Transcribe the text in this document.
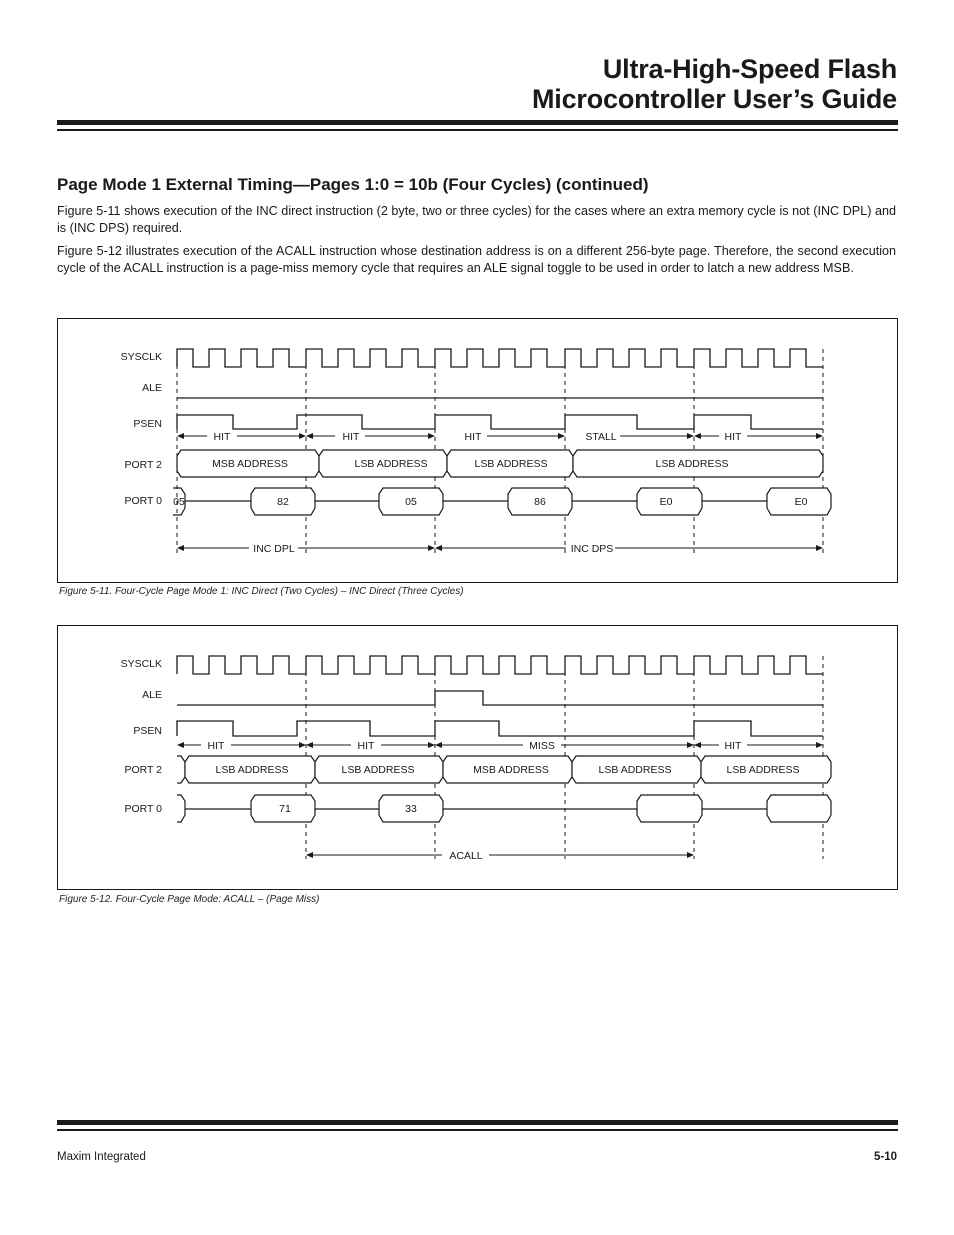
Ultra-High-Speed Flash
Microcontroller User’s Guide
Page Mode 1 External Timing—Pages 1:0 = 10b (Four Cycles) (continued)

Figure 5-11 shows execution of the INC direct instruction (2 byte, two or three cycles) for the cases where an extra memory cycle is not (INC DPL) and is (INC DPS) required.

Figure 5-12 illustrates execution of the ACALL instruction whose destination address is on a different 256-byte page. Therefore, the second execution cycle of the ACALL instruction is a page-miss memory cycle that requires an ALE signal toggle to be used in order to latch a new address MSB.

SYSCLK
ALE
PSEN
PORT 2
PORT 0
HIT	HIT	HIT	STALL	HIT
MSB ADDRESS	LSB ADDRESS	LSB ADDRESS	LSB ADDRESS
05	82	05	86	E0	E0
INC DPL	INC DPS
Figure 5-11. Four-Cycle Page Mode 1: INC Direct (Two Cycles) – INC Direct (Three Cycles)
SYSCLK
ALE
PSEN
PORT 2
PORT 0
HIT	HIT	MISS	HIT
LSB ADDRESS	LSB ADDRESS	MSB ADDRESS	LSB ADDRESS	LSB ADDRESS
71	33
ACALL
Figure 5-12. Four-Cycle Page Mode: ACALL – (Page Miss)
Maxim Integrated	5-10
